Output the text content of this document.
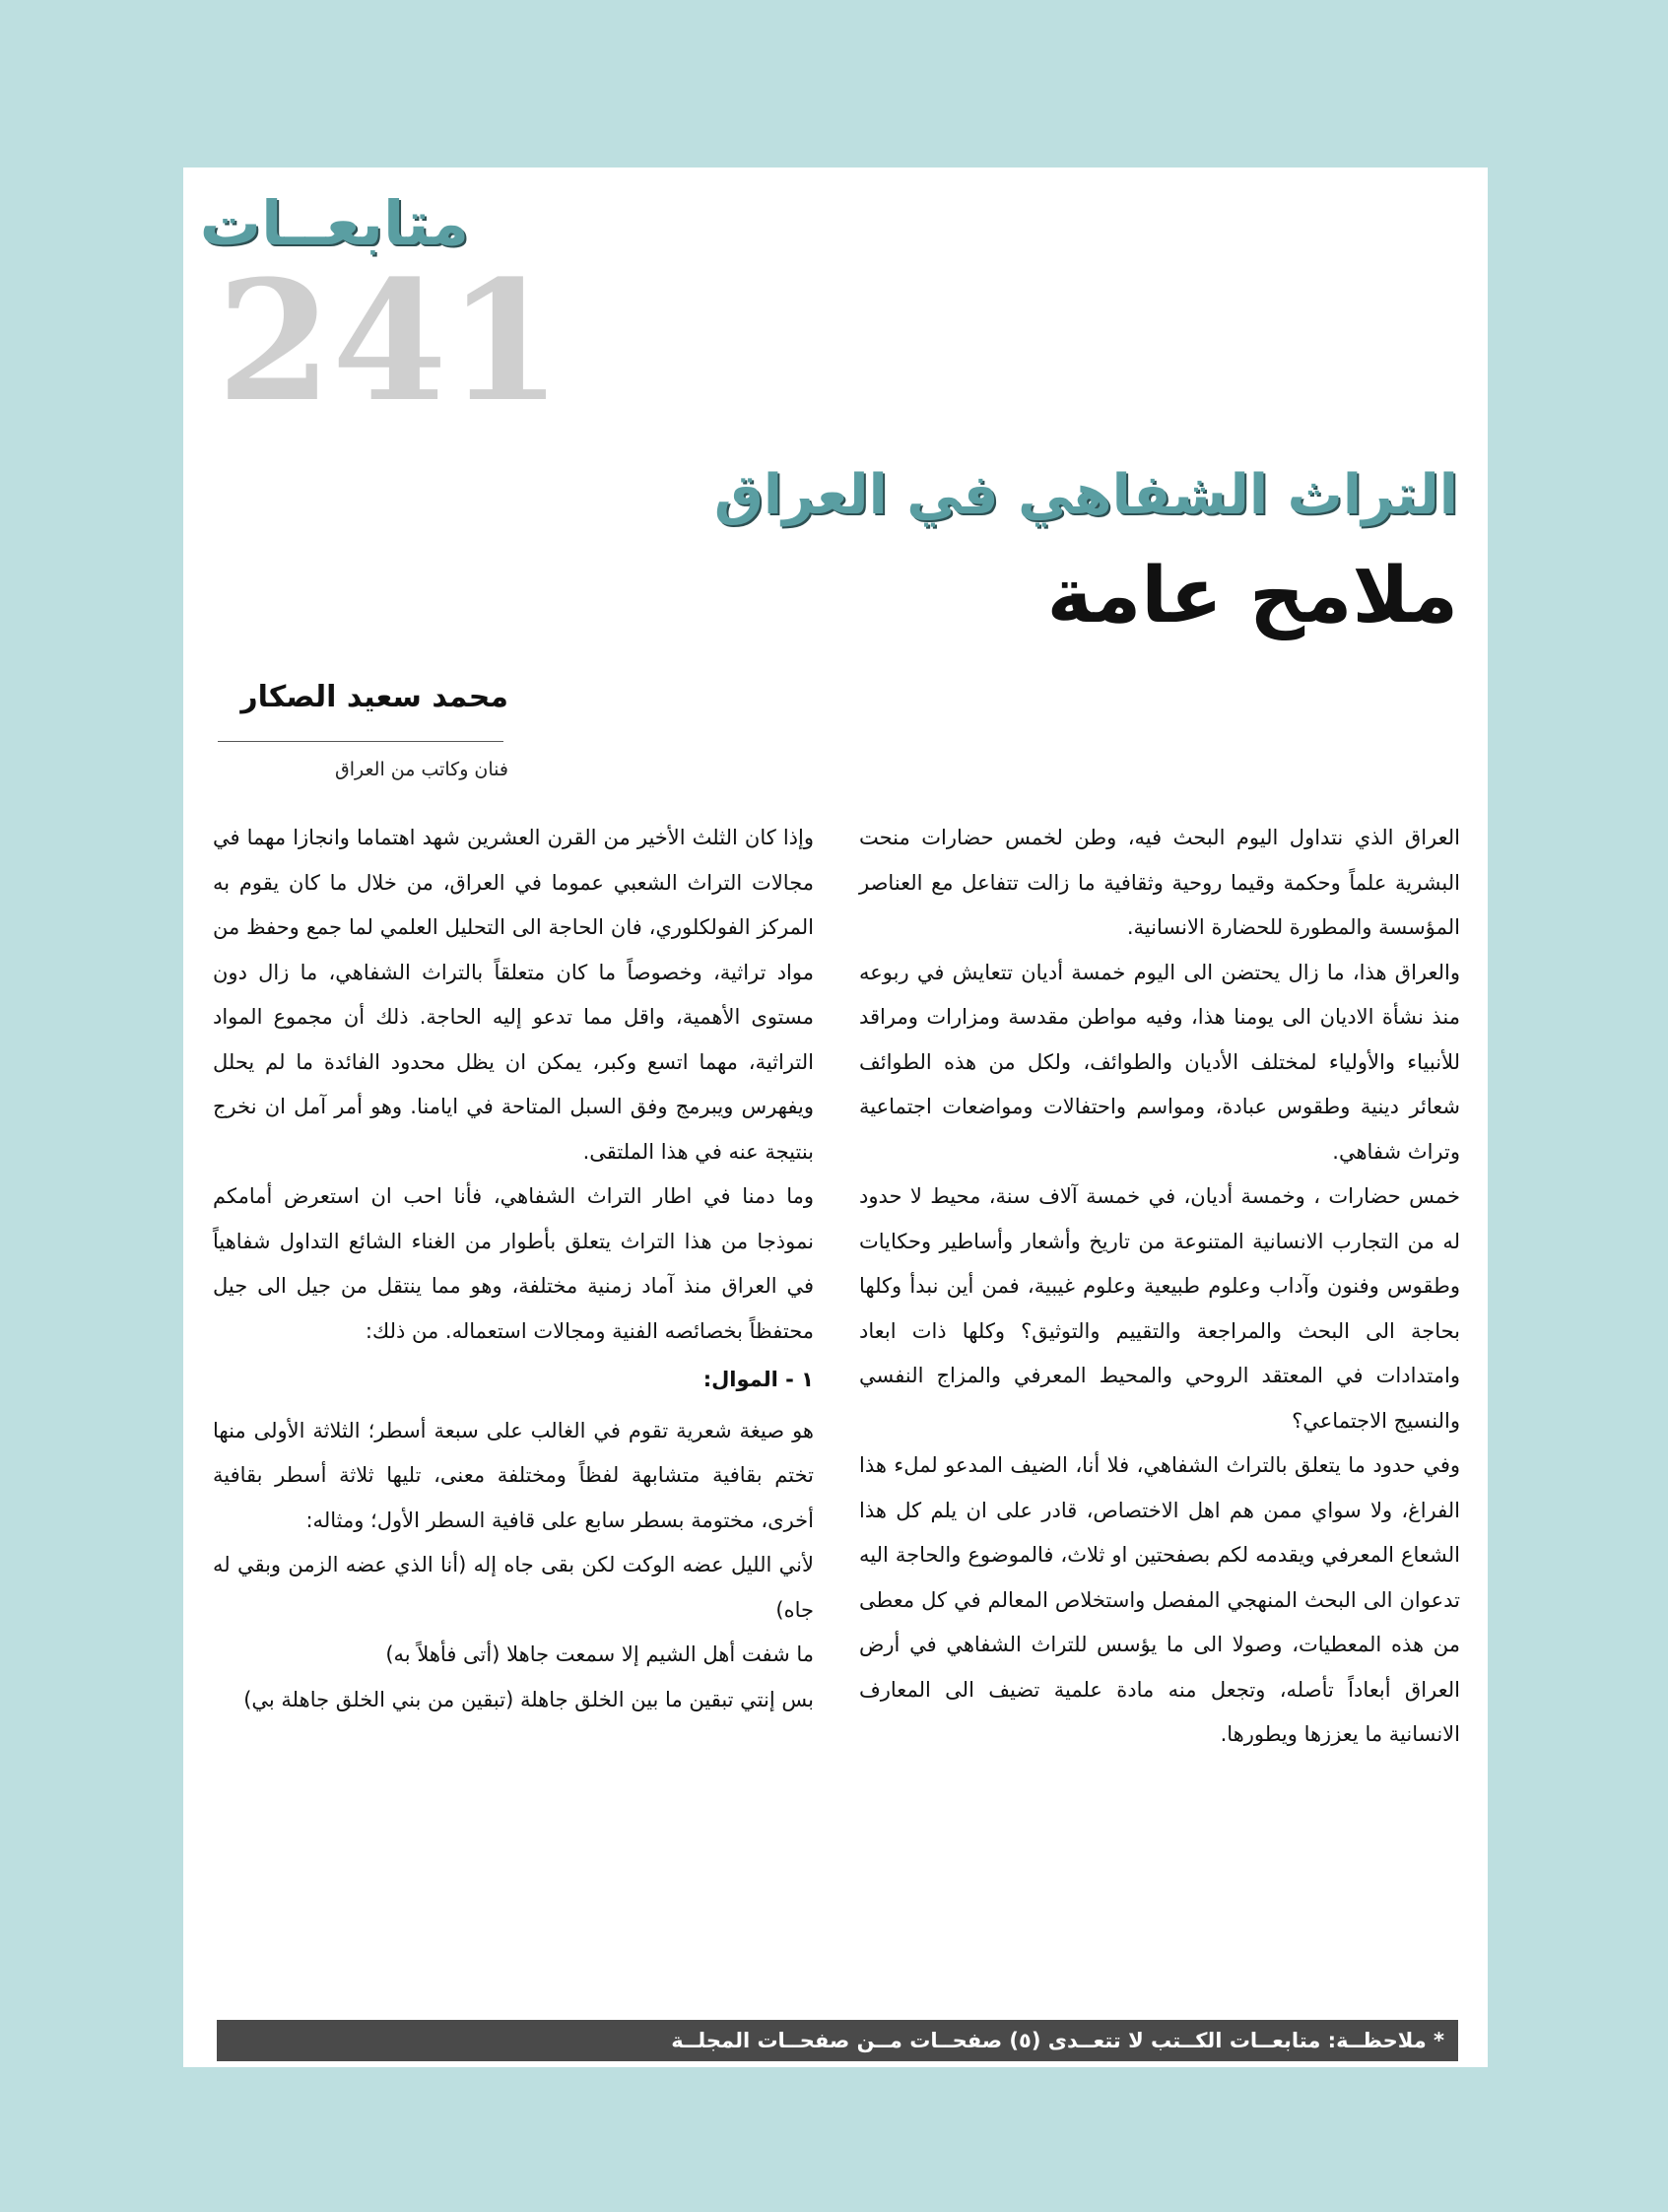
متابعــات
241
التراث الشفاهي في العراق
ملامح عامة
محمد سعيد الصكار
فنان وكاتب من العراق

العراق الذي نتداول اليوم البحث فيه، وطن لخمس حضارات منحت البشرية علماً وحكمة وقيما روحية وثقافية ما زالت تتفاعل مع العناصر المؤسسة والمطورة للحضارة الانسانية.

والعراق هذا، ما زال يحتضن الى اليوم خمسة أديان تتعايش في ربوعه منذ نشأة الاديان الى يومنا هذا، وفيه مواطن مقدسة ومزارات ومراقد للأنبياء والأولياء لمختلف الأديان والطوائف، ولكل من هذه الطوائف شعائر دينية وطقوس عبادة، ومواسم واحتفالات ومواضعات اجتماعية وتراث شفاهي.

خمس حضارات ، وخمسة أديان، في خمسة آلاف سنة، محيط لا حدود له من التجارب الانسانية المتنوعة من تاريخ وأشعار وأساطير وحكايات وطقوس وفنون وآداب وعلوم طبيعية وعلوم غيبية، فمن أين نبدأ وكلها بحاجة الى البحث والمراجعة والتقييم والتوثيق؟ وكلها ذات ابعاد وامتدادات في المعتقد الروحي والمحيط المعرفي والمزاج النفسي والنسيج الاجتماعي؟

وفي حدود ما يتعلق بالتراث الشفاهي، فلا أنا، الضيف المدعو لملء هذا الفراغ، ولا سواي ممن هم اهل الاختصاص، قادر على ان يلم كل هذا الشعاع المعرفي ويقدمه لكم بصفحتين او ثلاث، فالموضوع والحاجة اليه تدعوان الى البحث المنهجي المفصل واستخلاص المعالم في كل معطى من هذه المعطيات، وصولا الى ما يؤسس للتراث الشفاهي في أرض العراق أبعاداً تأصله، وتجعل منه مادة علمية تضيف الى المعارف الانسانية ما يعززها ويطورها.

وإذا كان الثلث الأخير من القرن العشرين شهد اهتماما وانجازا مهما في مجالات التراث الشعبي عموما في العراق، من خلال ما كان يقوم به المركز الفولكلوري، فان الحاجة الى التحليل العلمي لما جمع وحفظ من مواد تراثية، وخصوصاً ما كان متعلقاً بالتراث الشفاهي، ما زال دون مستوى الأهمية، واقل مما تدعو إليه الحاجة. ذلك أن مجموع المواد التراثية، مهما اتسع وكبر، يمكن ان يظل محدود الفائدة ما لم يحلل ويفهرس ويبرمج وفق السبل المتاحة في ايامنا. وهو أمر آمل ان نخرج بنتيجة عنه في هذا الملتقى.

وما دمنا في اطار التراث الشفاهي، فأنا احب ان استعرض أمامكم نموذجا من هذا التراث يتعلق بأطوار من الغناء الشائع التداول شفاهياً في العراق منذ آماد زمنية مختلفة، وهو مما ينتقل من جيل الى جيل محتفظاً بخصائصه الفنية ومجالات استعماله. من ذلك:

١ - الموال:

هو صيغة شعرية تقوم في الغالب على سبعة أسطر؛ الثلاثة الأولى منها تختم بقافية متشابهة لفظاً ومختلفة معنى، تليها ثلاثة أسطر بقافية أخرى، مختومة بسطر سابع على قافية السطر الأول؛ ومثاله:

لأني الليل عضه الوكت لكن بقى جاه إله (أنا الذي عضه الزمن وبقي له جاه)

ما شفت أهل الشيم إلا سمعت جاهلا (أتى فأهلاً به)

بس إنتي تبقين ما بين الخلق جاهلة (تبقين من بني الخلق جاهلة بي)

* ملاحظــة: متابعــات الكــتب لا تتعــدى (٥) صفحــات مــن صفحــات المجلــة
